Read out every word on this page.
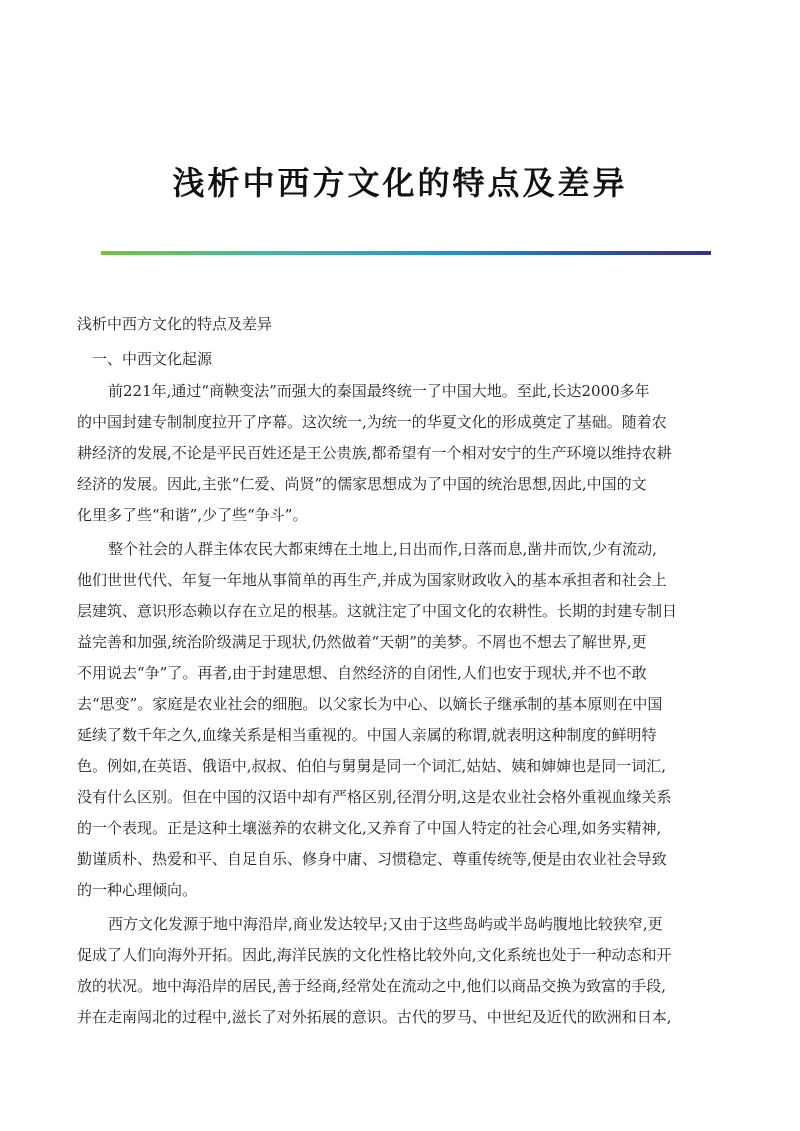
浅析中西方文化的特点及差异

浅析中西方文化的特点及差异

一、中西文化起源

前221年,通过“商鞅变法”而强大的秦国最终统一了中国大地。至此,长达2000多年
的中国封建专制制度拉开了序幕。这次统一,为统一的华夏文化的形成奠定了基础。随着农
耕经济的发展,不论是平民百姓还是王公贵族,都希望有一个相对安宁的生产环境以维持农耕
经济的发展。因此,主张“仁爱、尚贤”的儒家思想成为了中国的统治思想,因此,中国的文
化里多了些“和谐”,少了些“争斗”。

整个社会的人群主体农民大都束缚在土地上,日出而作,日落而息,凿井而饮,少有流动,
他们世世代代、年复一年地从事简单的再生产,并成为国家财政收入的基本承担者和社会上
层建筑、意识形态赖以存在立足的根基。这就注定了中国文化的农耕性。长期的封建专制日
益完善和加强,统治阶级满足于现状,仍然做着“天朝”的美梦。不屑也不想去了解世界,更
不用说去“争”了。再者,由于封建思想、自然经济的自闭性,人们也安于现状,并不也不敢
去“思变”。家庭是农业社会的细胞。以父家长为中心、以嫡长子继承制的基本原则在中国
延续了数千年之久,血缘关系是相当重视的。中国人亲属的称谓,就表明这种制度的鲜明特
色。例如,在英语、俄语中,叔叔、伯伯与舅舅是同一个词汇,姑姑、姨和婶婶也是同一词汇,
没有什么区别。但在中国的汉语中却有严格区别,径渭分明,这是农业社会格外重视血缘关系
的一个表现。正是这种土壤滋养的农耕文化,又养育了中国人特定的社会心理,如务实精神,
勤谨质朴、热爱和平、自足自乐、修身中庸、习惯稳定、尊重传统等,便是由农业社会导致
的一种心理倾向。

西方文化发源于地中海沿岸,商业发达较早;又由于这些岛屿或半岛屿腹地比较狭窄,更
促成了人们向海外开拓。因此,海洋民族的文化性格比较外向,文化系统也处于一种动态和开
放的状况。地中海沿岸的居民,善于经商,经常处在流动之中,他们以商品交换为致富的手段,
并在走南闯北的过程中,滋长了对外拓展的意识。古代的罗马、中世纪及近代的欧洲和日本,
